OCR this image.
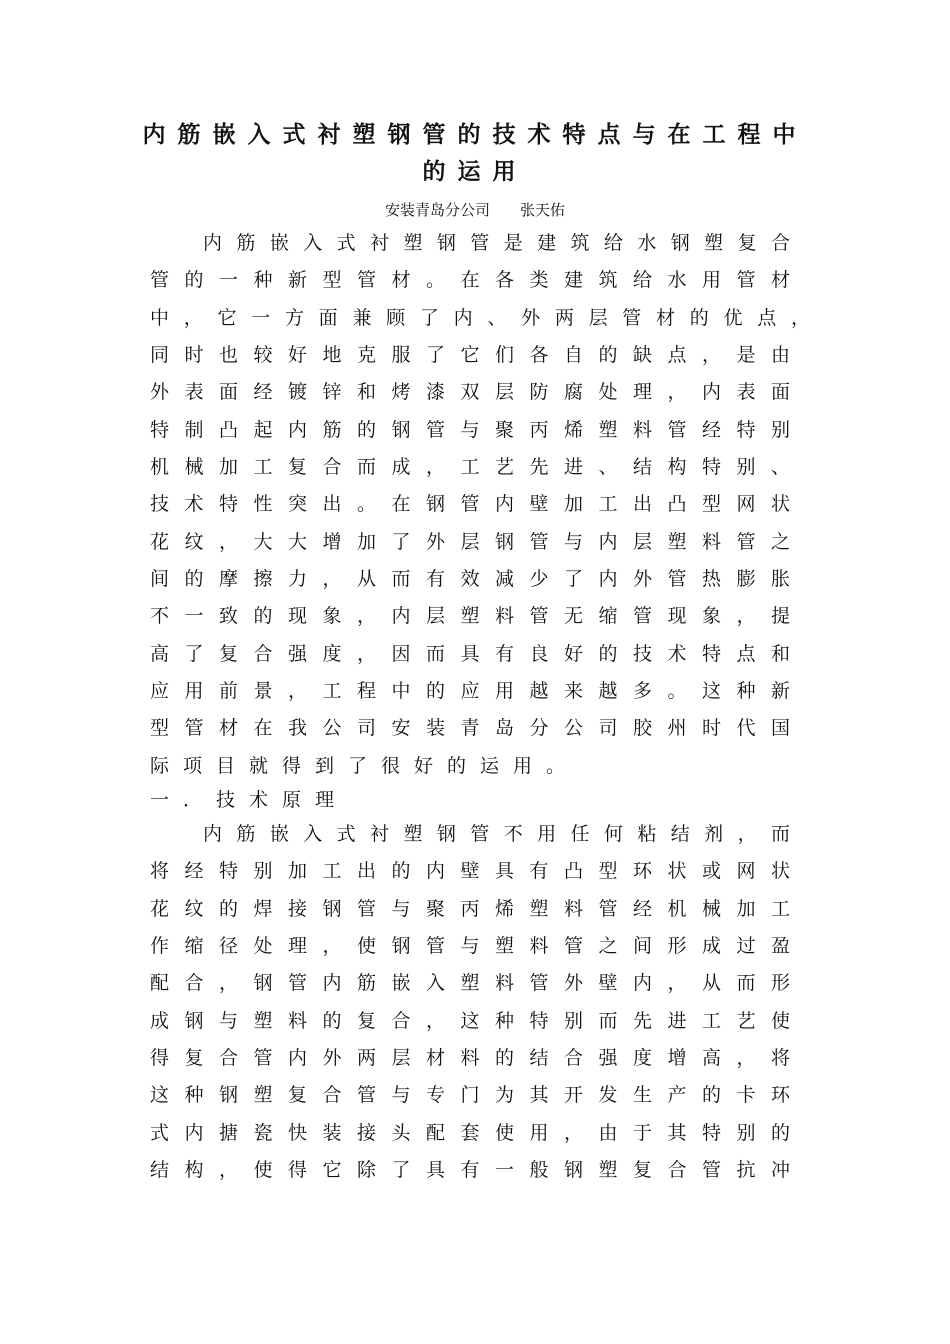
内筋嵌入式衬塑钢管的技术特点与在工程中
的运用
安装青岛分公司 张天佑
内筋嵌入式衬塑钢管是建筑给水钢塑复合
管的一种新型管材。在各类建筑给水用管材
中，它一方面兼顾了内、外两层管材的优点，
同时也较好地克服了它们各自的缺点，是由
外表面经镀锌和烤漆双层防腐处理，内表面
特制凸起内筋的钢管与聚丙烯塑料管经特别
机械加工复合而成，工艺先进、结构特别、
技术特性突出。在钢管内壁加工出凸型网状
花纹，大大增加了外层钢管与内层塑料管之
间的摩擦力，从而有效减少了内外管热膨胀
不一致的现象，内层塑料管无缩管现象，提
高了复合强度，因而具有良好的技术特点和
应用前景，工程中的应用越来越多。这种新
型管材在我公司安装青岛分公司胶州时代国
际项目就得到了很好的运用。
一．技术原理
内筋嵌入式衬塑钢管不用任何粘结剂，而
将经特别加工出的内壁具有凸型环状或网状
花纹的焊接钢管与聚丙烯塑料管经机械加工
作缩径处理，使钢管与塑料管之间形成过盈
配合，钢管内筋嵌入塑料管外壁内，从而形
成钢与塑料的复合，这种特别而先进工艺使
得复合管内外两层材料的结合强度增高，将
这种钢塑复合管与专门为其开发生产的卡环
式内搪瓷快装接头配套使用，由于其特别的
结构，使得它除了具有一般钢塑复合管抗冲
